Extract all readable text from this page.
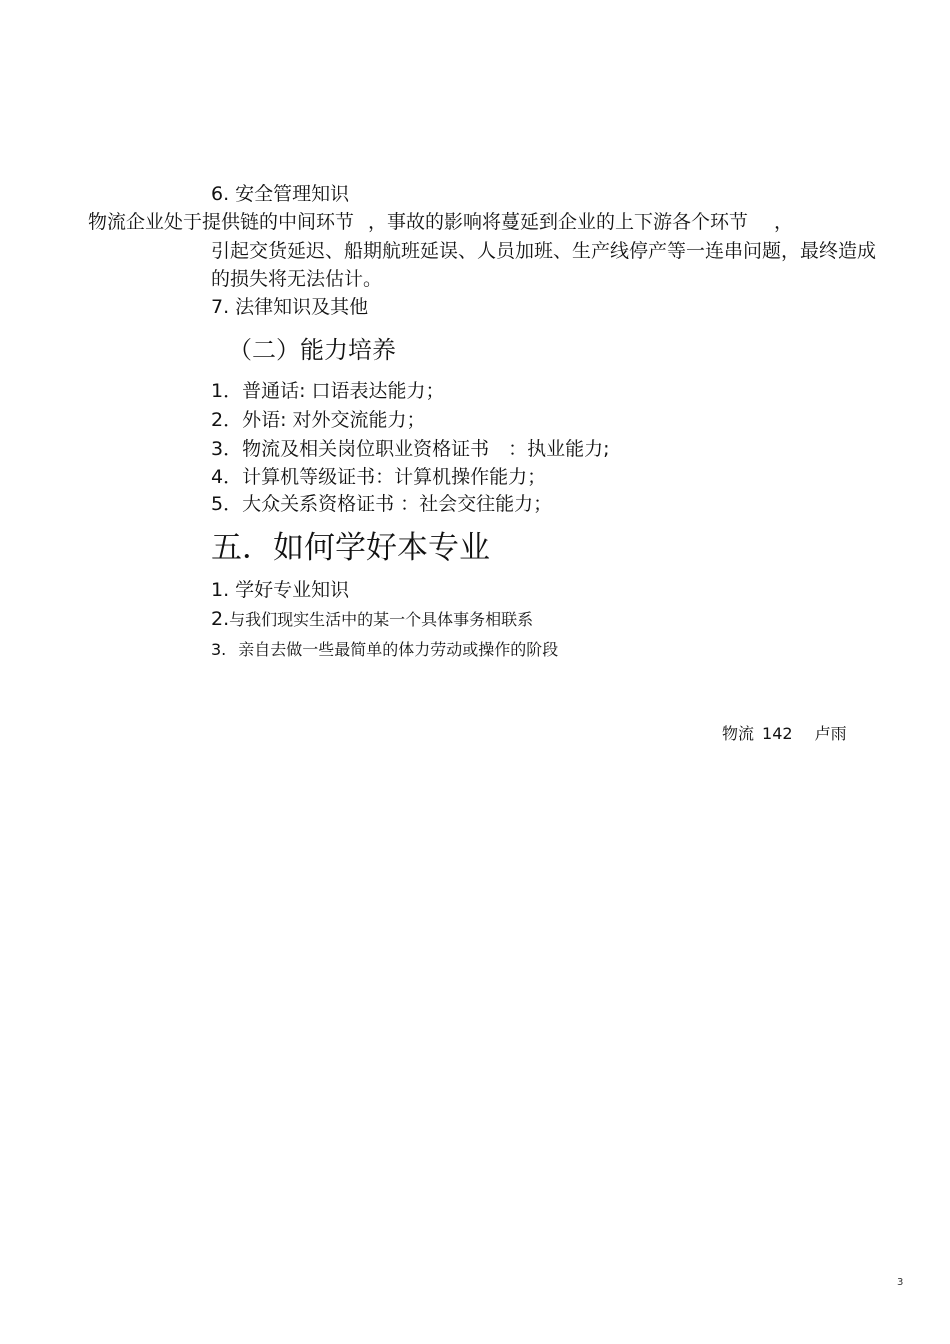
6. 安全管理知识
物流企业处于提供链的中间环节 ，事故的影响将蔓延到企业的上下游各个环节 ，
引起交货延迟、船期航班延误、人员加班、生产线停产等一连串问题，最终造成
的损失将无法估计。
7. 法律知识及其他
（二）能力培养
1．普通话: 口语表达能力；
2．外语: 对外交流能力；
3．物流及相关岗位职业资格证书　：执业能力;
4．计算机等级证书：计算机操作能力；
5．大众关系资格证书 ：社会交往能力；
五．如何学好本专业
1. 学好专业知识
2.与我们现实生活中的某一个具体事务相联系
3. 亲自去做一些最简单的体力劳动或操作的阶段
物流 142 卢雨
3
